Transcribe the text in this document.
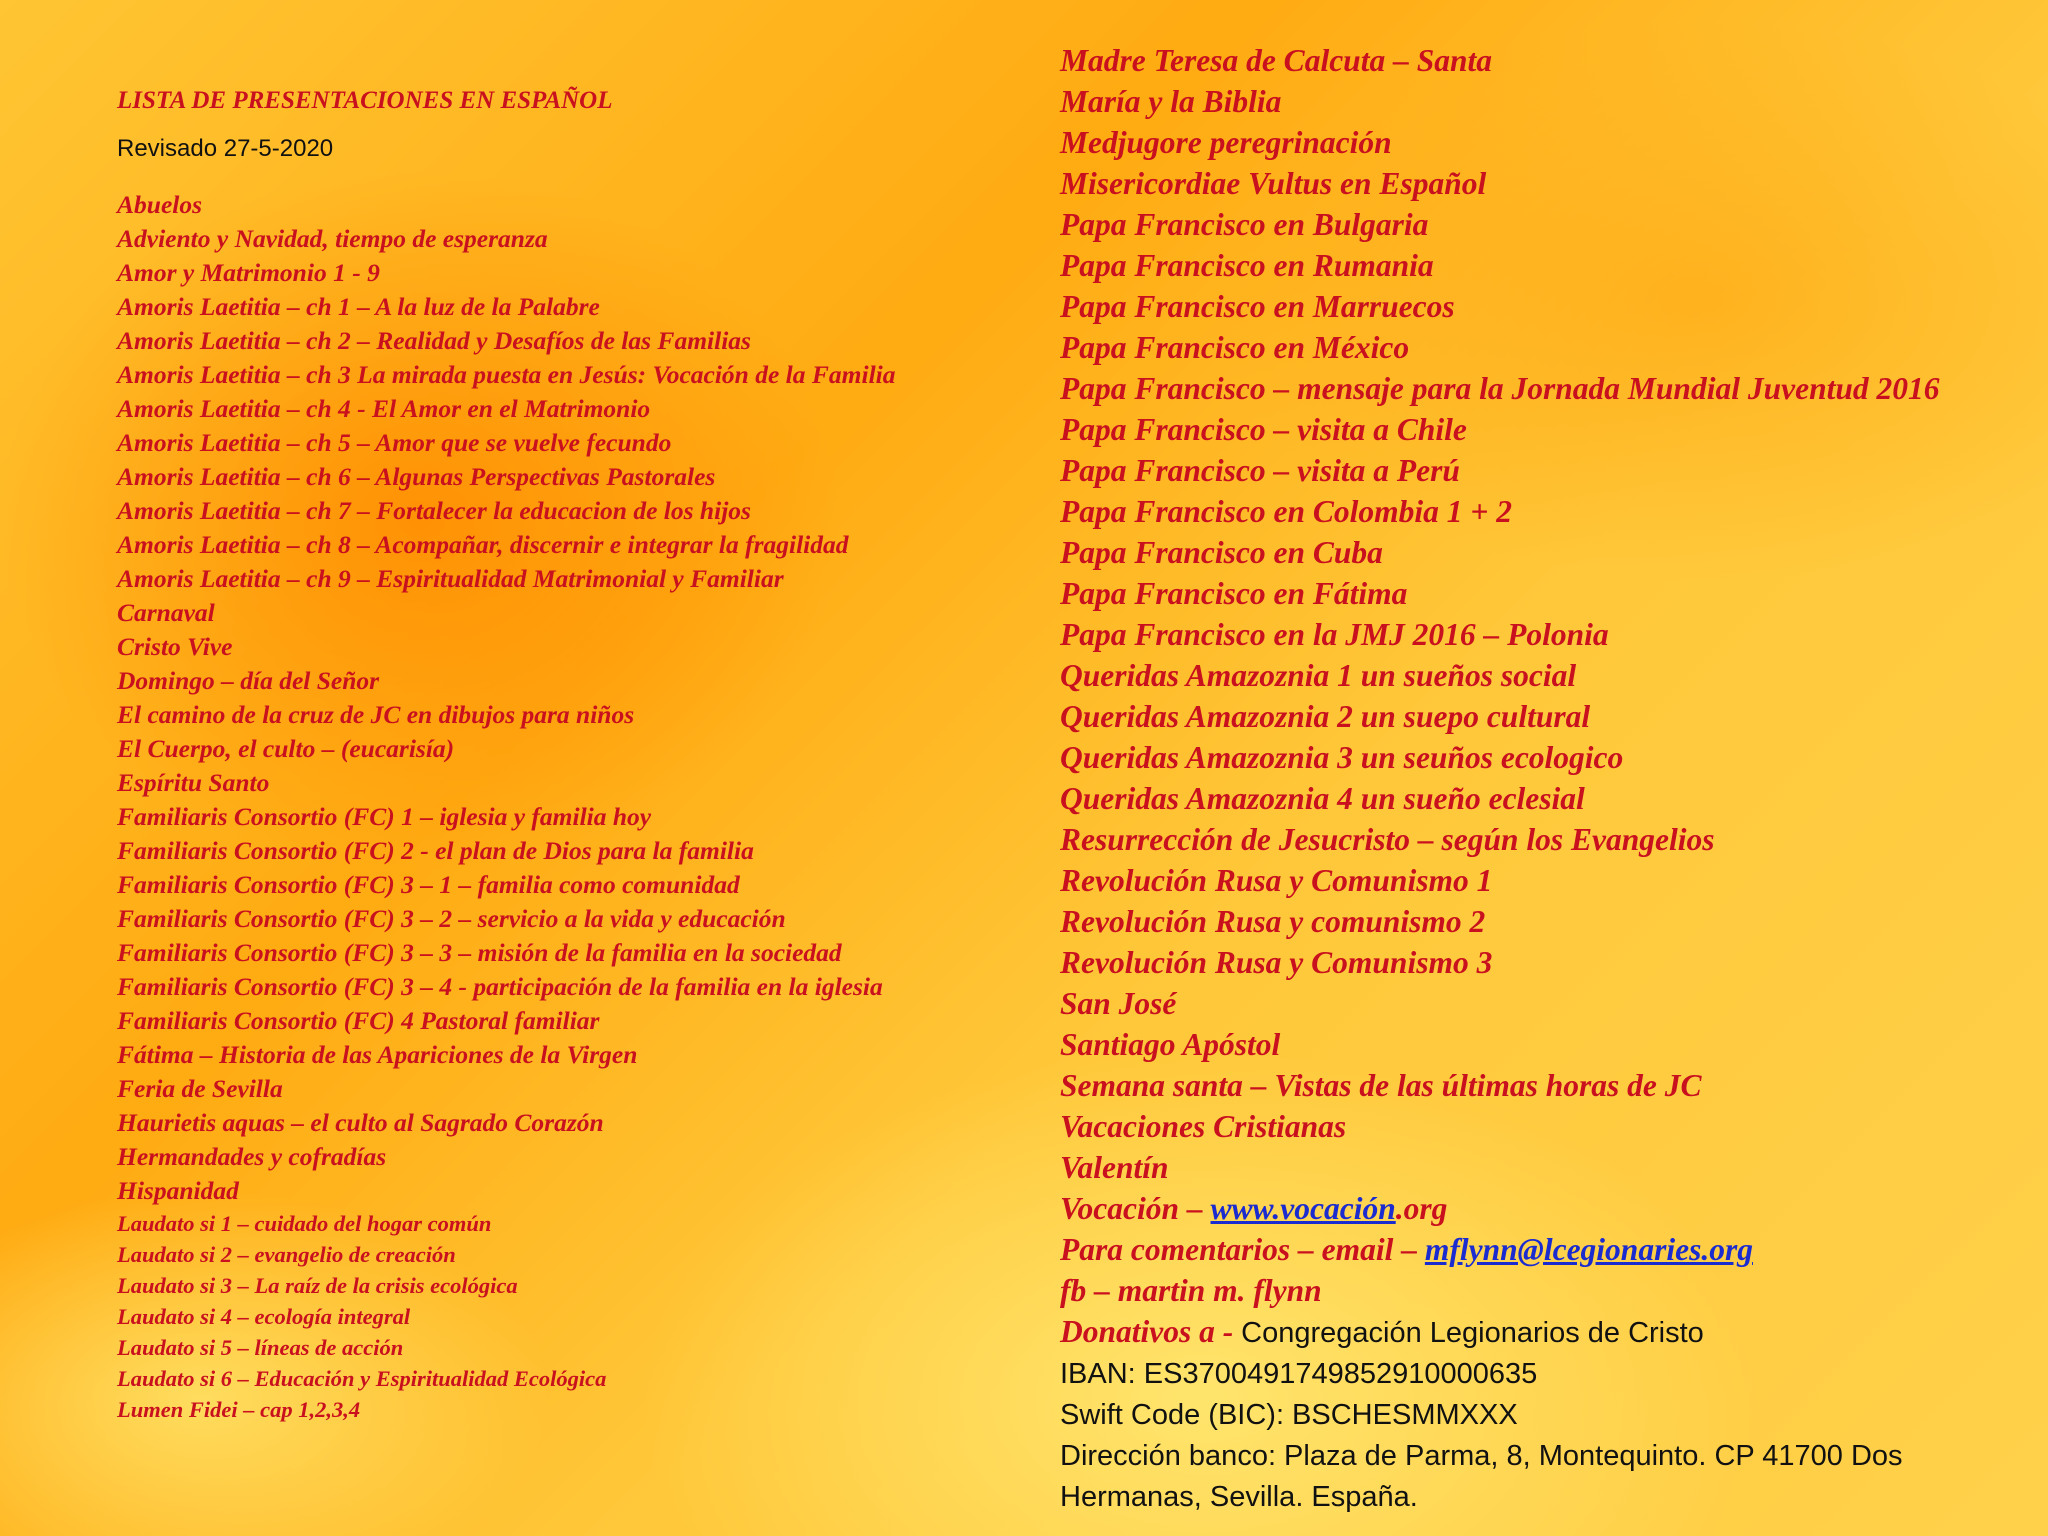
LISTA DE PRESENTACIONES EN ESPAÑOL

Revisado 27-5-2020

Abuelos
Adviento y Navidad, tiempo de esperanza
Amor y Matrimonio 1 - 9
Amoris Laetitia – ch 1 – A la luz de la Palabre
Amoris Laetitia – ch 2 – Realidad y Desafíos de las Familias
Amoris Laetitia – ch 3 La mirada puesta en Jesús: Vocación de la Familia
Amoris Laetitia – ch 4 - El Amor en el Matrimonio
Amoris Laetitia – ch 5 – Amor que se vuelve fecundo
Amoris Laetitia – ch 6 – Algunas Perspectivas Pastorales
Amoris Laetitia – ch 7 – Fortalecer la educacion de los hijos
Amoris Laetitia – ch 8 – Acompañar, discernir e integrar la fragilidad
Amoris Laetitia – ch 9 – Espiritualidad Matrimonial y Familiar
Carnaval
Cristo Vive
Domingo – día del Señor
El camino de la cruz de JC en dibujos para niños
El Cuerpo, el culto – (eucarisía)
Espíritu Santo
Familiaris Consortio (FC) 1 – iglesia y familia hoy
Familiaris Consortio (FC) 2 - el plan de Dios para la familia
Familiaris Consortio (FC) 3 – 1 – familia como comunidad
Familiaris Consortio (FC) 3 – 2 – servicio a la vida y educación
Familiaris Consortio (FC) 3 – 3 – misión de la familia en la sociedad
Familiaris Consortio (FC) 3 – 4 - participación de la familia en la iglesia
Familiaris Consortio (FC) 4 Pastoral familiar
Fátima – Historia de las Apariciones de la Virgen
Feria de Sevilla
Haurietis aquas – el culto al Sagrado Corazón
Hermandades y cofradías
Hispanidad
Laudato si 1 – cuidado del hogar común
Laudato si 2 – evangelio de creación
Laudato si 3 – La raíz de la crisis ecológica
Laudato si 4 – ecología integral
Laudato si 5 – líneas de acción
Laudato si 6 – Educación y Espiritualidad Ecológica
Lumen Fidei – cap 1,2,3,4
Madre Teresa de Calcuta – Santa
María y la Biblia
Medjugore peregrinación
Misericordiae Vultus en Español
Papa Francisco en Bulgaria
Papa Francisco en Rumania
Papa Francisco en Marruecos
Papa Francisco en México
Papa Francisco – mensaje para la Jornada Mundial Juventud 2016
Papa Francisco – visita a Chile
Papa Francisco – visita a Perú
Papa Francisco en Colombia 1 + 2
Papa Francisco en Cuba
Papa Francisco en Fátima
Papa Francisco en la JMJ 2016 – Polonia
Queridas Amazoznia 1 un sueños social
Queridas Amazoznia 2 un suepo cultural
Queridas Amazoznia 3 un seuños ecologico
Queridas Amazoznia 4 un sueño eclesial
Resurrección de Jesucristo – según los Evangelios
Revolución Rusa y Comunismo 1
Revolución Rusa y comunismo 2
Revolución Rusa y Comunismo 3
San José
Santiago Apóstol
Semana santa – Vistas de las últimas horas de JC
Vacaciones Cristianas
Valentín
Vocación – www.vocación.org
Para comentarios – email – mflynn@lcegionaries.org
fb – martin m. flynn
Donativos a - Congregación Legionarios de Cristo
IBAN: ES3700491749852910000635
Swift Code (BIC): BSCHESMMXXX
Dirección banco: Plaza de Parma, 8, Montequinto. CP 41700 Dos Hermanas, Sevilla. España.
